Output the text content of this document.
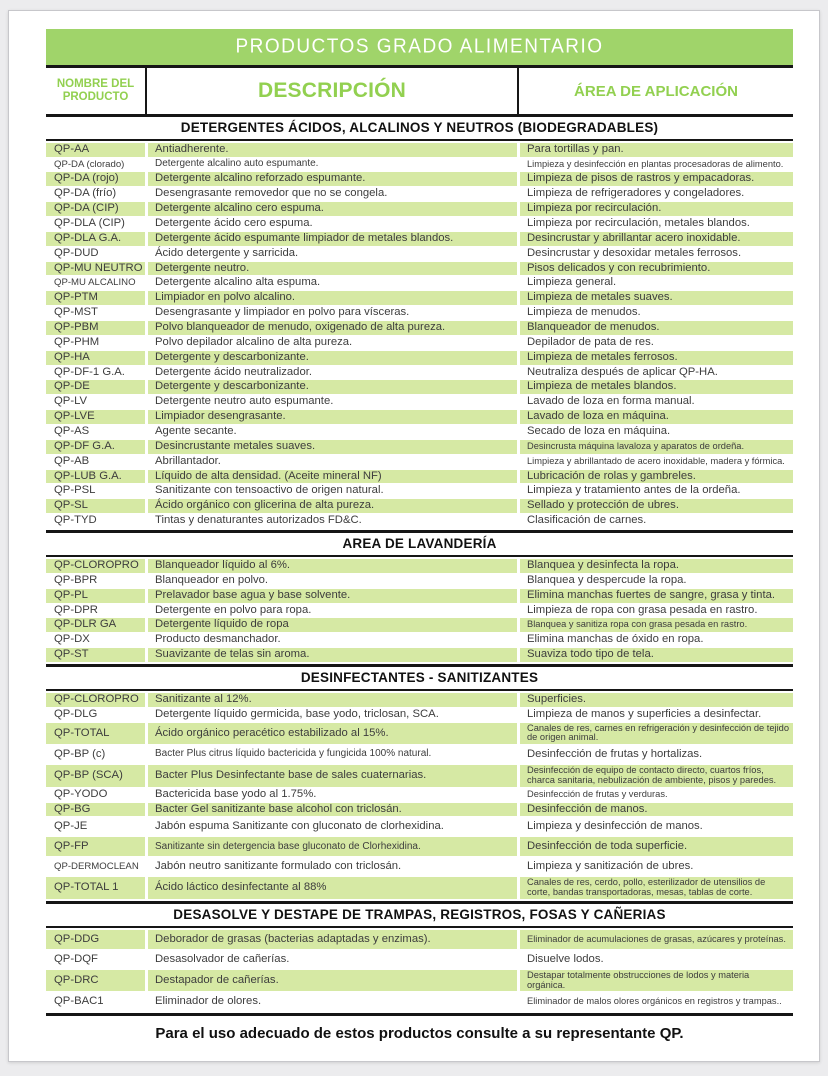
PRODUCTOS GRADO ALIMENTARIO
NOMBRE DEL PRODUCTO	DESCRIPCIÓN	ÁREA DE APLICACIÓN
DETERGENTES ÁCIDOS, ALCALINOS Y NEUTROS (BIODEGRADABLES)
QP-AA	Antiadherente.	Para tortillas y pan.
QP-DA (clorado)	Detergente alcalino auto espumante.	Limpieza y desinfección en plantas procesadoras de alimento.
QP-DA (rojo)	Detergente alcalino reforzado espumante.	Limpieza de pisos de rastros y empacadoras.
QP-DA (frío)	Desengrasante removedor que no se congela.	Limpieza de refrigeradores y congeladores.
QP-DA (CIP)	Detergente alcalino cero espuma.	Limpieza por recirculación.
QP-DLA (CIP)	Detergente ácido cero espuma.	Limpieza por recirculación, metales blandos.
QP-DLA G.A.	Detergente ácido espumante limpiador de metales blandos.	Desincrustar y abrillantar acero inoxidable.
QP-DUD	Ácido detergente y sarricida.	Desincrustar y desoxidar metales ferrosos.
QP-MU NEUTRO	Detergente neutro.	Pisos delicados y con recubrimiento.
QP-MU ALCALINO	Detergente alcalino alta espuma.	Limpieza general.
QP-PTM	Limpiador en polvo alcalino.	Limpieza de metales suaves.
QP-MST	Desengrasante y limpiador en polvo para vísceras.	Limpieza de menudos.
QP-PBM	Polvo blanqueador de menudo, oxigenado de alta pureza.	Blanqueador de menudos.
QP-PHM	Polvo depilador alcalino de alta pureza.	Depilador de pata de res.
QP-HA	Detergente y descarbonizante.	Limpieza de metales ferrosos.
QP-DF-1 G.A.	Detergente ácido neutralizador.	Neutraliza después de aplicar QP-HA.
QP-DE	Detergente y descarbonizante.	Limpieza de metales blandos.
QP-LV	Detergente neutro auto espumante.	Lavado de loza en forma manual.
QP-LVE	Limpiador desengrasante.	Lavado de loza en máquina.
QP-AS	Agente secante.	Secado de loza en máquina.
QP-DF G.A.	Desincrustante metales suaves.	Desincrusta máquina lavaloza y aparatos de ordeña.
QP-AB	Abrillantador.	Limpieza y abrillantado de acero inoxidable, madera y fórmica.
QP-LUB G.A.	Líquido de alta densidad. (Aceite mineral NF)	Lubricación de rolas y gambreles.
QP-PSL	Sanitizante con tensoactivo de origen natural.	Limpieza y tratamiento antes de la ordeña.
QP-SL	Ácido orgánico con glicerina de alta pureza.	Sellado y protección de ubres.
QP-TYD	Tintas y denaturantes autorizados FD&C.	Clasificación de carnes.
AREA DE LAVANDERÍA
QP-CLOROPRO	Blanqueador líquido al 6%.	Blanquea y desinfecta la ropa.
QP-BPR	Blanqueador en polvo.	Blanquea y despercude la ropa.
QP-PL	Prelavador base agua y base solvente.	Elimina manchas fuertes de sangre, grasa y tinta.
QP-DPR	Detergente en polvo para ropa.	Limpieza de ropa con grasa pesada en rastro.
QP-DLR GA	Detergente líquido de ropa	Blanquea y sanitiza ropa con grasa pesada en rastro.
QP-DX	Producto desmanchador.	Elimina manchas de óxido en ropa.
QP-ST	Suavizante de telas sin aroma.	Suaviza todo tipo de tela.
DESINFECTANTES - SANITIZANTES
QP-CLOROPRO	Sanitizante al 12%.	Superficies.
QP-DLG	Detergente líquido germicida, base yodo, triclosan, SCA.	Limpieza de manos y superficies a desinfectar.
QP-TOTAL	Ácido orgánico peracético estabilizado al 15%.	Canales de res, carnes en refrigeración y desinfección de tejido de origen animal.
QP-BP (c)	Bacter Plus citrus líquido bactericida y fungicida 100% natural.	Desinfección de frutas y hortalizas.
QP-BP (SCA)	Bacter Plus Desinfectante base de sales cuaternarias.	Desinfección de equipo de contacto directo, cuartos fríos, charca sanitaria, nebulización de ambiente, pisos y paredes.
QP-YODO	Bactericida base yodo al 1.75%.	Desinfección de frutas y verduras.
QP-BG	Bacter Gel sanitizante base alcohol con triclosán.	Desinfección de manos.
QP-JE	Jabón espuma Sanitizante con gluconato de clorhexidina.	Limpieza y desinfección de manos.
QP-FP	Sanitizante sin detergencia base gluconato de Clorhexidina.	Desinfección de toda superficie.
QP-DERMOCLEAN	Jabón neutro sanitizante formulado con triclosán.	Limpieza y sanitización de ubres.
QP-TOTAL 1	Ácido láctico desinfectante al 88%	Canales de res, cerdo, pollo, esterilizador de utensilios de corte, bandas transportadoras, mesas, tablas de corte.
DESASOLVE Y DESTAPE DE TRAMPAS, REGISTROS, FOSAS Y CAÑERIAS
QP-DDG	Deborador de grasas (bacterias adaptadas y enzimas).	Eliminador de acumulaciones de grasas, azúcares y proteínas.
QP-DQF	Desasolvador de cañerías.	Disuelve lodos.
QP-DRC	Destapador de cañerías.	Destapar totalmente obstrucciones de lodos y materia orgánica.
QP-BAC1	Eliminador de olores.	Eliminador de malos olores orgánicos en registros y trampas..
Para el uso adecuado de estos productos consulte a su representante QP.
